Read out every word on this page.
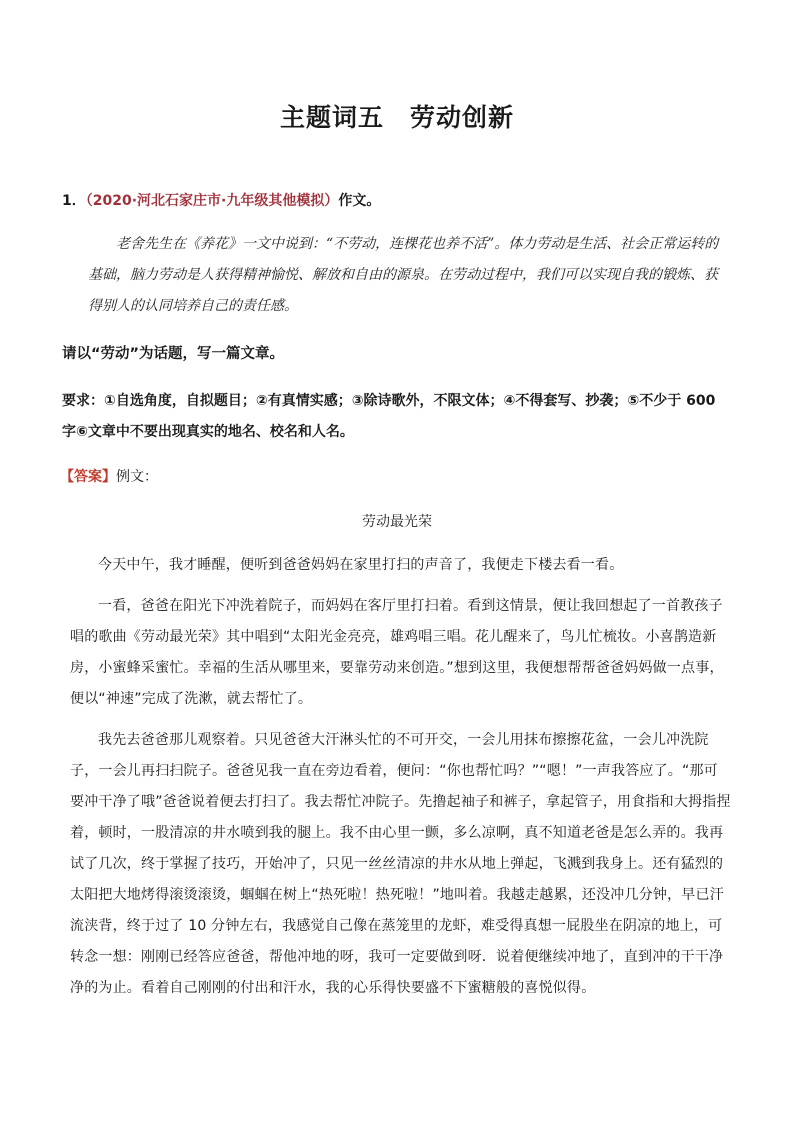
主题词五　劳动创新
1．（2020·河北石家庄市·九年级其他模拟）作文。
老舍先生在《养花》一文中说到：“不劳动，连棵花也养不活”。体力劳动是生活、社会正常运转的基础，脑力劳动是人获得精神愉悦、解放和自由的源泉。在劳动过程中，我们可以实现自我的锻炼、获得别人的认同培养自己的责任感。
请以“劳动”为话题，写一篇文章。
要求：①自选角度，自拟题目；②有真情实感；③除诗歌外，不限文体；④不得套写、抄袭；⑤不少于 600 字⑥文章中不要出现真实的地名、校名和人名。
【答案】例文：
劳动最光荣

今天中午，我才睡醒，便听到爸爸妈妈在家里打扫的声音了，我便走下楼去看一看。

一看，爸爸在阳光下冲洗着院子，而妈妈在客厅里打扫着。看到这情景，便让我回想起了一首教孩子唱的歌曲《劳动最光荣》其中唱到“太阳光金亮亮，雄鸡唱三唱。花儿醒来了，鸟儿忙梳妆。小喜鹊造新房，小蜜蜂采蜜忙。幸福的生活从哪里来，要靠劳动来创造。”想到这里，我便想帮帮爸爸妈妈做一点事，便以“神速”完成了洗漱，就去帮忙了。

我先去爸爸那儿观察着。只见爸爸大汗淋头忙的不可开交，一会儿用抹布擦擦花盆，一会儿冲洗院子，一会儿再扫扫院子。爸爸见我一直在旁边看着，便问：“你也帮忙吗？”“嗯！”一声我答应了。“那可要冲干净了哦”爸爸说着便去打扫了。我去帮忙冲院子。先撸起袖子和裤子，拿起管子，用食指和大拇指捏着，顿时，一股清凉的井水喷到我的腿上。我不由心里一颤，多么凉啊，真不知道老爸是怎么弄的。我再试了几次，终于掌握了技巧，开始冲了，只见一丝丝清凉的井水从地上弹起，飞溅到我身上。还有猛烈的太阳把大地烤得滚烫滚烫，蝈蝈在树上“热死啦！热死啦！”地叫着。我越走越累，还没冲几分钟，早已汗流浃背，终于过了 10 分钟左右，我感觉自己像在蒸笼里的龙虾，难受得真想一屁股坐在阴凉的地上，可转念一想：刚刚已经答应爸爸，帮他冲地的呀，我可一定要做到呀．说着便继续冲地了，直到冲的干干净净的为止。看着自己刚刚的付出和汗水，我的心乐得快要盛不下蜜糖般的喜悦似得。
